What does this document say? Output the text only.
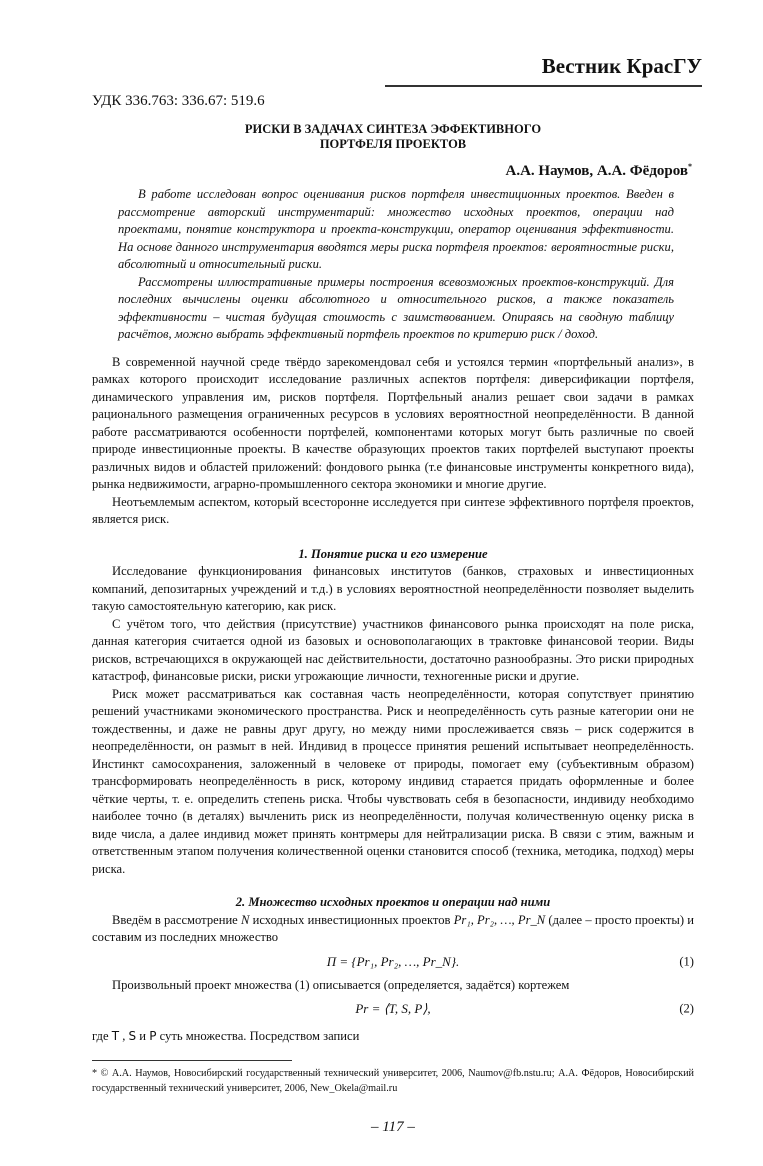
Вестник КрасГУ
УДК 336.763: 336.67: 519.6
РИСКИ В ЗАДАЧАХ СИНТЕЗА ЭФФЕКТИВНОГО
ПОРТФЕЛЯ ПРОЕКТОВ
А.А. Наумов, А.А. Фёдоров*

В работе исследован вопрос оценивания рисков портфеля инвестиционных проектов. Введен в рассмотрение авторский инструментарий: множество исходных проектов, операции над проектами, понятие конструктора и проекта-конструкции, оператор оценивания эффективности. На основе данного инструментария вводятся меры риска портфеля проектов: вероятностные риски, абсолютный и относительный риски.

Рассмотрены иллюстративные примеры построения всевозможных проектов-конструкций. Для последних вычислены оценки абсолютного и относительного рисков, а также показатель эффективности – чистая будущая стоимость с заимствованием. Опираясь на сводную таблицу расчётов, можно выбрать эффективный портфель проектов по критерию риск / доход.

В современной научной среде твёрдо зарекомендовал себя и устоялся термин «портфельный анализ», в рамках которого происходит исследование различных аспектов портфеля: диверсификации портфеля, динамического управления им, рисков портфеля. Портфельный анализ решает свои задачи в рамках рационального размещения ограниченных ресурсов в условиях вероятностной неопределённости. В данной работе рассматриваются особенности портфелей, компонентами которых могут быть различные по своей природе инвестиционные проекты. В качестве образующих проектов таких портфелей выступают проекты различных видов и областей приложений: фондового рынка (т.е финансовые инструменты конкретного вида), рынка недвижимости, аграрно-промышленного сектора экономики и многие другие.

Неотъемлемым аспектом, который всесторонне исследуется при синтезе эффективного портфеля проектов, является риск.

1. Понятие риска и его измерение

Исследование функционирования финансовых институтов (банков, страховых и инвестиционных компаний, депозитарных учреждений и т.д.) в условиях вероятностной неопределённости позволяет выделить такую самостоятельную категорию, как риск.

С учётом того, что действия (присутствие) участников финансового рынка происходят на поле риска, данная категория считается одной из базовых и основополагающих в трактовке финансовой теории. Виды рисков, встречающихся в окружающей нас действительности, достаточно разнообразны. Это риски природных катастроф, финансовые риски, риски угрожающие личности, техногенные риски и другие.

Риск может рассматриваться как составная часть неопределённости, которая сопутствует принятию решений участниками экономического пространства. Риск и неопределённость суть разные категории они не тождественны, и даже не равны друг другу, но между ними прослеживается связь – риск содержится в неопределённости, он размыт в ней. Индивид в процессе принятия решений испытывает неопределённость. Инстинкт самосохранения, заложенный в человеке от природы, помогает ему (субъективным образом) трансформировать неопределённость в риск, которому индивид старается придать оформленные и более чёткие черты, т. е. определить степень риска. Чтобы чувствовать себя в безопасности, индивиду необходимо наиболее точно (в деталях) вычленить риск из неопределённости, получая количественную оценку риска в виде числа, а далее индивид может принять контрмеры для нейтрализации риска. В связи с этим, важным и ответственным этапом получения количественной оценки становится способ (техника, методика, подход) меры риска.

2. Множество исходных проектов и операции над ними

Введём в рассмотрение N исходных инвестиционных проектов Pr₁, Pr₂, …, Pr_N (далее – просто проекты) и составим из последних множество

Π = {Pr₁, Pr₂, …, Pr_N}.	(1)

Произвольный проект множества (1) описывается (определяется, задаётся) кортежем

Pr = ⟨T, S, P⟩,	(2)

где T , S и P суть множества. Посредством записи

* © А.А. Наумов, Новосибирский государственный технический университет, 2006, Naumov@fb.nstu.ru; А.А. Фёдоров, Новосибирский государственный технический университет, 2006, New_Okela@mail.ru
– 117 –
